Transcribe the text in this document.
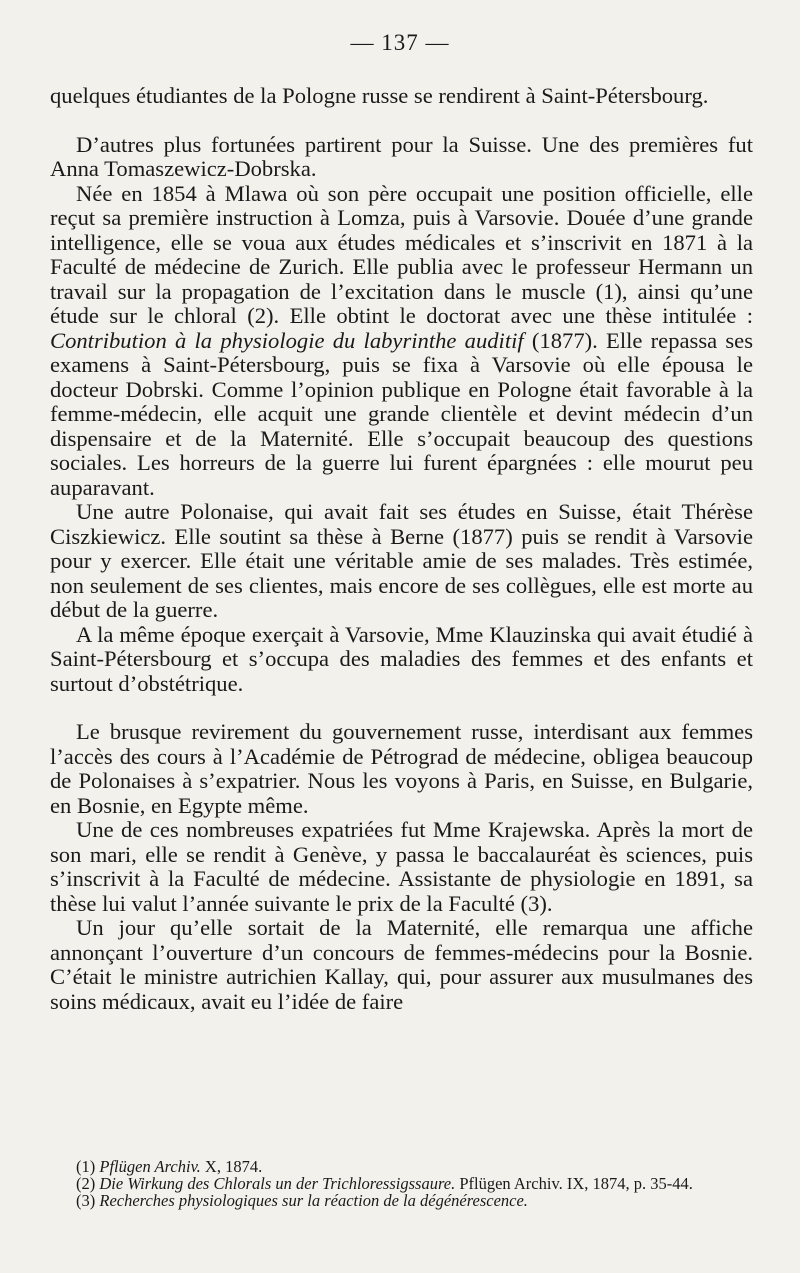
— 137 —

quelques étudiantes de la Pologne russe se rendirent à Saint-Pétersbourg.

D’autres plus fortunées partirent pour la Suisse. Une des premières fut Anna Tomaszewicz-Dobrska.

Née en 1854 à Mlawa où son père occupait une position officielle, elle reçut sa première instruction à Lomza, puis à Varsovie. Douée d’une grande intelligence, elle se voua aux études médicales et s’inscrivit en 1871 à la Faculté de médecine de Zurich. Elle publia avec le professeur Hermann un travail sur la propagation de l’excitation dans le muscle (1), ainsi qu’une étude sur le chloral (2). Elle obtint le doctorat avec une thèse intitulée : Contribution à la physiologie du labyrinthe auditif (1877). Elle repassa ses examens à Saint-Pétersbourg, puis se fixa à Varsovie où elle épousa le docteur Dobrski. Comme l’opinion publique en Pologne était favorable à la femme-médecin, elle acquit une grande clientèle et devint médecin d’un dispensaire et de la Maternité. Elle s’occupait beaucoup des questions sociales. Les horreurs de la guerre lui furent épargnées : elle mourut peu auparavant.

Une autre Polonaise, qui avait fait ses études en Suisse, était Thérèse Ciszkiewicz. Elle soutint sa thèse à Berne (1877) puis se rendit à Varsovie pour y exercer. Elle était une véritable amie de ses malades. Très estimée, non seulement de ses clientes, mais encore de ses collègues, elle est morte au début de la guerre.

A la même époque exerçait à Varsovie, Mme Klauzinska qui avait étudié à Saint-Pétersbourg et s’occupa des maladies des femmes et des enfants et surtout d’obstétrique.

Le brusque revirement du gouvernement russe, interdisant aux femmes l’accès des cours à l’Académie de Pétrograd de médecine, obligea beaucoup de Polonaises à s’expatrier. Nous les voyons à Paris, en Suisse, en Bulgarie, en Bosnie, en Egypte même.

Une de ces nombreuses expatriées fut Mme Krajewska. Après la mort de son mari, elle se rendit à Genève, y passa le baccalauréat ès sciences, puis s’inscrivit à la Faculté de médecine. Assistante de physiologie en 1891, sa thèse lui valut l’année suivante le prix de la Faculté (3).

Un jour qu’elle sortait de la Maternité, elle remarqua une affiche annonçant l’ouverture d’un concours de femmes-médecins pour la Bosnie. C’était le ministre autrichien Kallay, qui, pour assurer aux musulmanes des soins médicaux, avait eu l’idée de faire

(1) Pflügen Archiv. X, 1874.

(2) Die Wirkung des Chlorals un der Trichloressigssaure. Pflügen Archiv. IX, 1874, p. 35-44.

(3) Recherches physiologiques sur la réaction de la dégénérescence.
